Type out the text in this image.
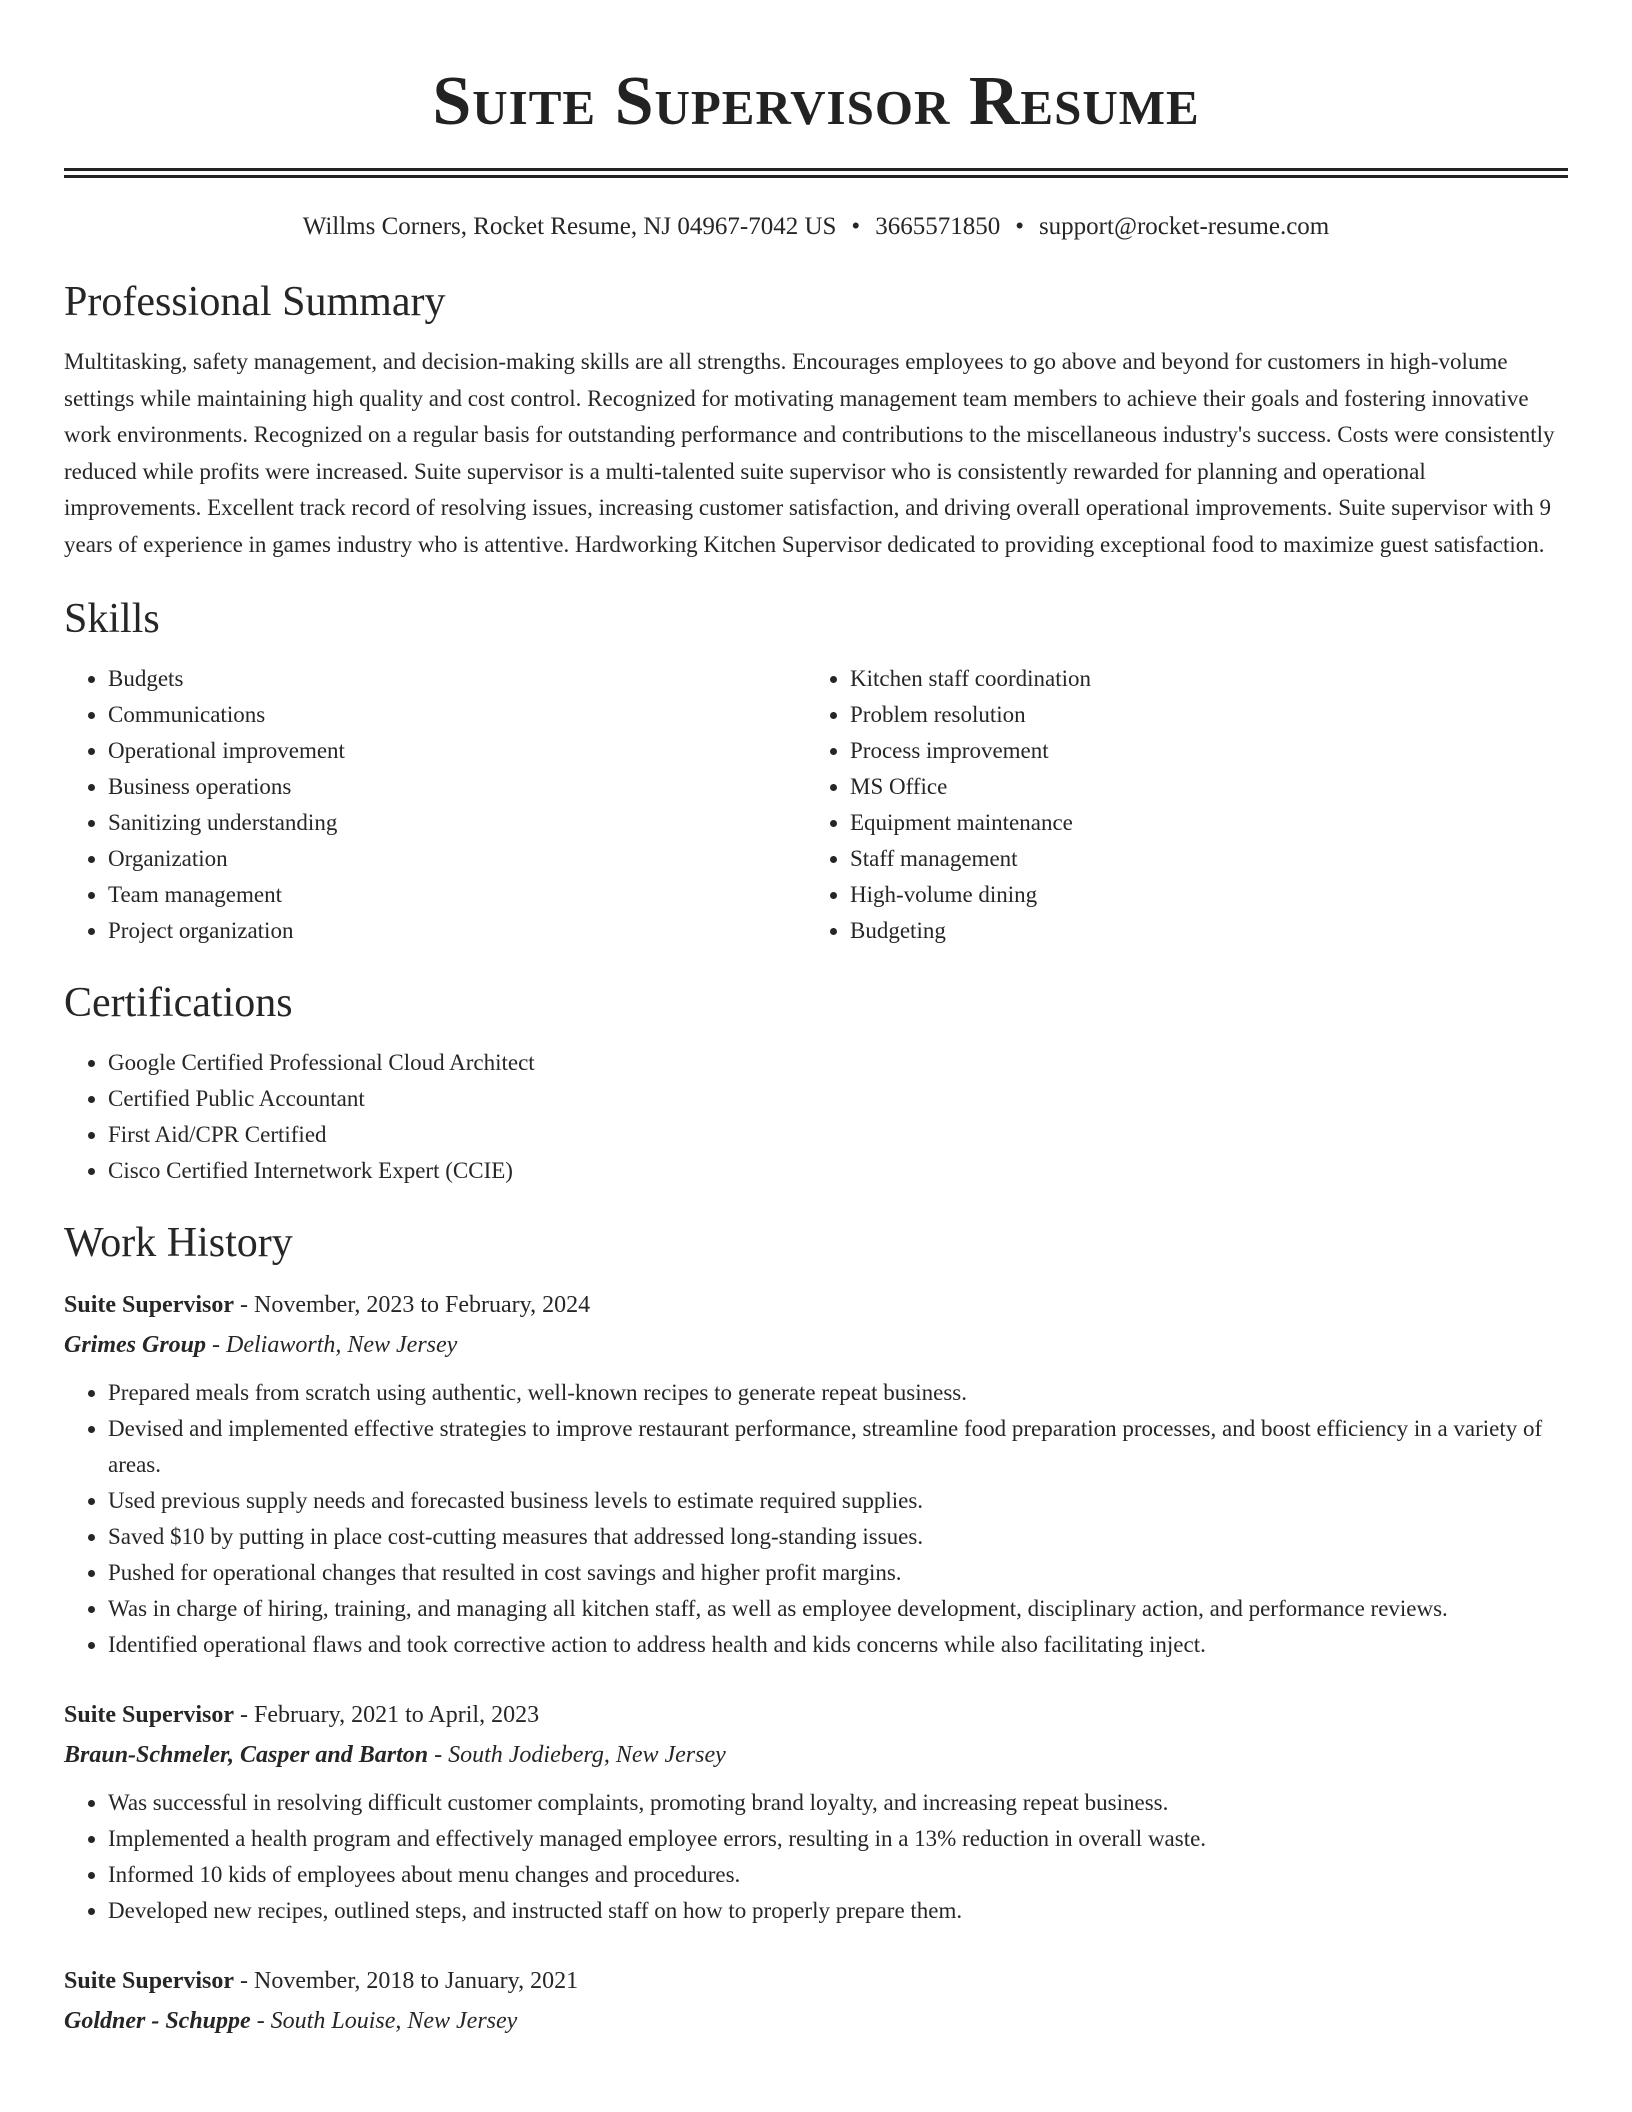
Suite Supervisor Resume
Willms Corners, Rocket Resume, NJ 04967-7042 US • 3665571850 • support@rocket-resume.com
Professional Summary

Multitasking, safety management, and decision-making skills are all strengths. Encourages employees to go above and beyond for customers in high-volume settings while maintaining high quality and cost control. Recognized for motivating management team members to achieve their goals and fostering innovative work environments. Recognized on a regular basis for outstanding performance and contributions to the miscellaneous industry's success. Costs were consistently reduced while profits were increased. Suite supervisor is a multi-talented suite supervisor who is consistently rewarded for planning and operational improvements. Excellent track record of resolving issues, increasing customer satisfaction, and driving overall operational improvements. Suite supervisor with 9 years of experience in games industry who is attentive. Hardworking Kitchen Supervisor dedicated to providing exceptional food to maximize guest satisfaction.

Skills
• Budgets
• Communications
• Operational improvement
• Business operations
• Sanitizing understanding
• Organization
• Team management
• Project organization
• Kitchen staff coordination
• Problem resolution
• Process improvement
• MS Office
• Equipment maintenance
• Staff management
• High-volume dining
• Budgeting
Certifications
• Google Certified Professional Cloud Architect
• Certified Public Accountant
• First Aid/CPR Certified
• Cisco Certified Internetwork Expert (CCIE)
Work History
Suite Supervisor - November, 2023 to February, 2024
Grimes Group - Deliaworth, New Jersey
• Prepared meals from scratch using authentic, well-known recipes to generate repeat business.
• Devised and implemented effective strategies to improve restaurant performance, streamline food preparation processes, and boost efficiency in a variety of areas.
• Used previous supply needs and forecasted business levels to estimate required supplies.
• Saved $10 by putting in place cost-cutting measures that addressed long-standing issues.
• Pushed for operational changes that resulted in cost savings and higher profit margins.
• Was in charge of hiring, training, and managing all kitchen staff, as well as employee development, disciplinary action, and performance reviews.
• Identified operational flaws and took corrective action to address health and kids concerns while also facilitating inject.
Suite Supervisor - February, 2021 to April, 2023
Braun-Schmeler, Casper and Barton - South Jodieberg, New Jersey
• Was successful in resolving difficult customer complaints, promoting brand loyalty, and increasing repeat business.
• Implemented a health program and effectively managed employee errors, resulting in a 13% reduction in overall waste.
• Informed 10 kids of employees about menu changes and procedures.
• Developed new recipes, outlined steps, and instructed staff on how to properly prepare them.
Suite Supervisor - November, 2018 to January, 2021
Goldner - Schuppe - South Louise, New Jersey
